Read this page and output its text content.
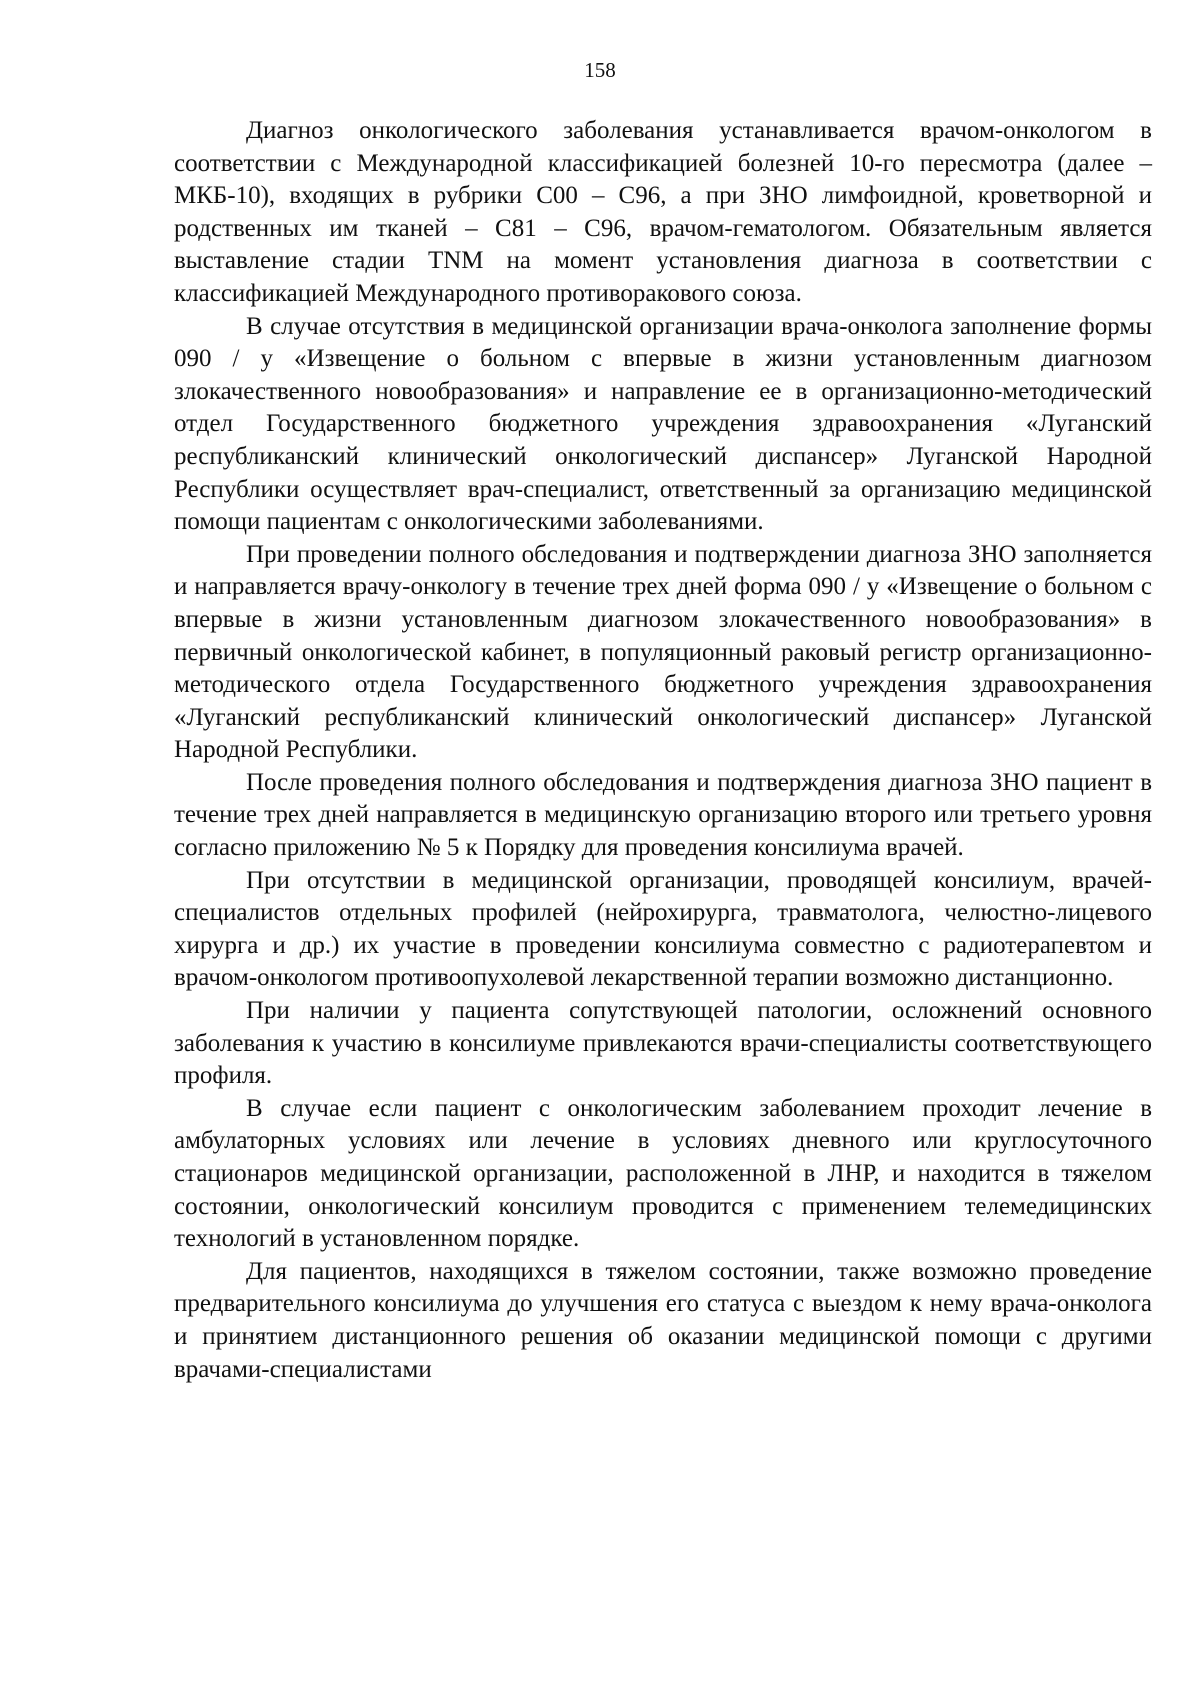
158

Диагноз онкологического заболевания устанавливается врачом-онкологом в соответствии с Международной классификацией болезней 10-го пересмотра (далее – МКБ-10), входящих в рубрики С00 – С96, а при ЗНО лимфоидной, кроветворной и родственных им тканей – С81 – С96, врачом-гематологом. Обязательным является выставление стадии TNM на момент установления диагноза в соответствии с классификацией Международного противоракового союза.

В случае отсутствия в медицинской организации врача-онколога заполнение формы 090 / у «Извещение о больном с впервые в жизни установленным диагнозом злокачественного новообразования» и направление ее в организационно-методический отдел Государственного бюджетного учреждения здравоохранения «Луганский республиканский клинический онкологический диспансер» Луганской Народной Республики осуществляет врач-специалист, ответственный за организацию медицинской помощи пациентам с онкологическими заболеваниями.

При проведении полного обследования и подтверждении диагноза ЗНО заполняется и направляется врачу-онкологу в течение трех дней форма 090 / у «Извещение о больном с впервые в жизни установленным диагнозом злокачественного новообразования» в первичный онкологической кабинет, в популяционный раковый регистр организационно-методического отдела Государственного бюджетного учреждения здравоохранения «Луганский республиканский клинический онкологический диспансер» Луганской Народной Республики.

После проведения полного обследования и подтверждения диагноза ЗНО пациент в течение трех дней направляется в медицинскую организацию второго или третьего уровня согласно приложению № 5 к Порядку для проведения консилиума врачей.

При отсутствии в медицинской организации, проводящей консилиум, врачей-специалистов отдельных профилей (нейрохирурга, травматолога, челюстно-лицевого хирурга и др.) их участие в проведении консилиума совместно с радиотерапевтом и врачом-онкологом противоопухолевой лекарственной терапии возможно дистанционно.

При наличии у пациента сопутствующей патологии, осложнений основного заболевания к участию в консилиуме привлекаются врачи-специалисты соответствующего профиля.

В случае если пациент с онкологическим заболеванием проходит лечение в амбулаторных условиях или лечение в условиях дневного или круглосуточного стационаров медицинской организации, расположенной в ЛНР, и находится в тяжелом состоянии, онкологический консилиум проводится с применением телемедицинских технологий в установленном порядке.

Для пациентов, находящихся в тяжелом состоянии, также возможно проведение предварительного консилиума до улучшения его статуса с выездом к нему врача-онколога и принятием дистанционного решения об оказании медицинской помощи с другими врачами-специалистами
